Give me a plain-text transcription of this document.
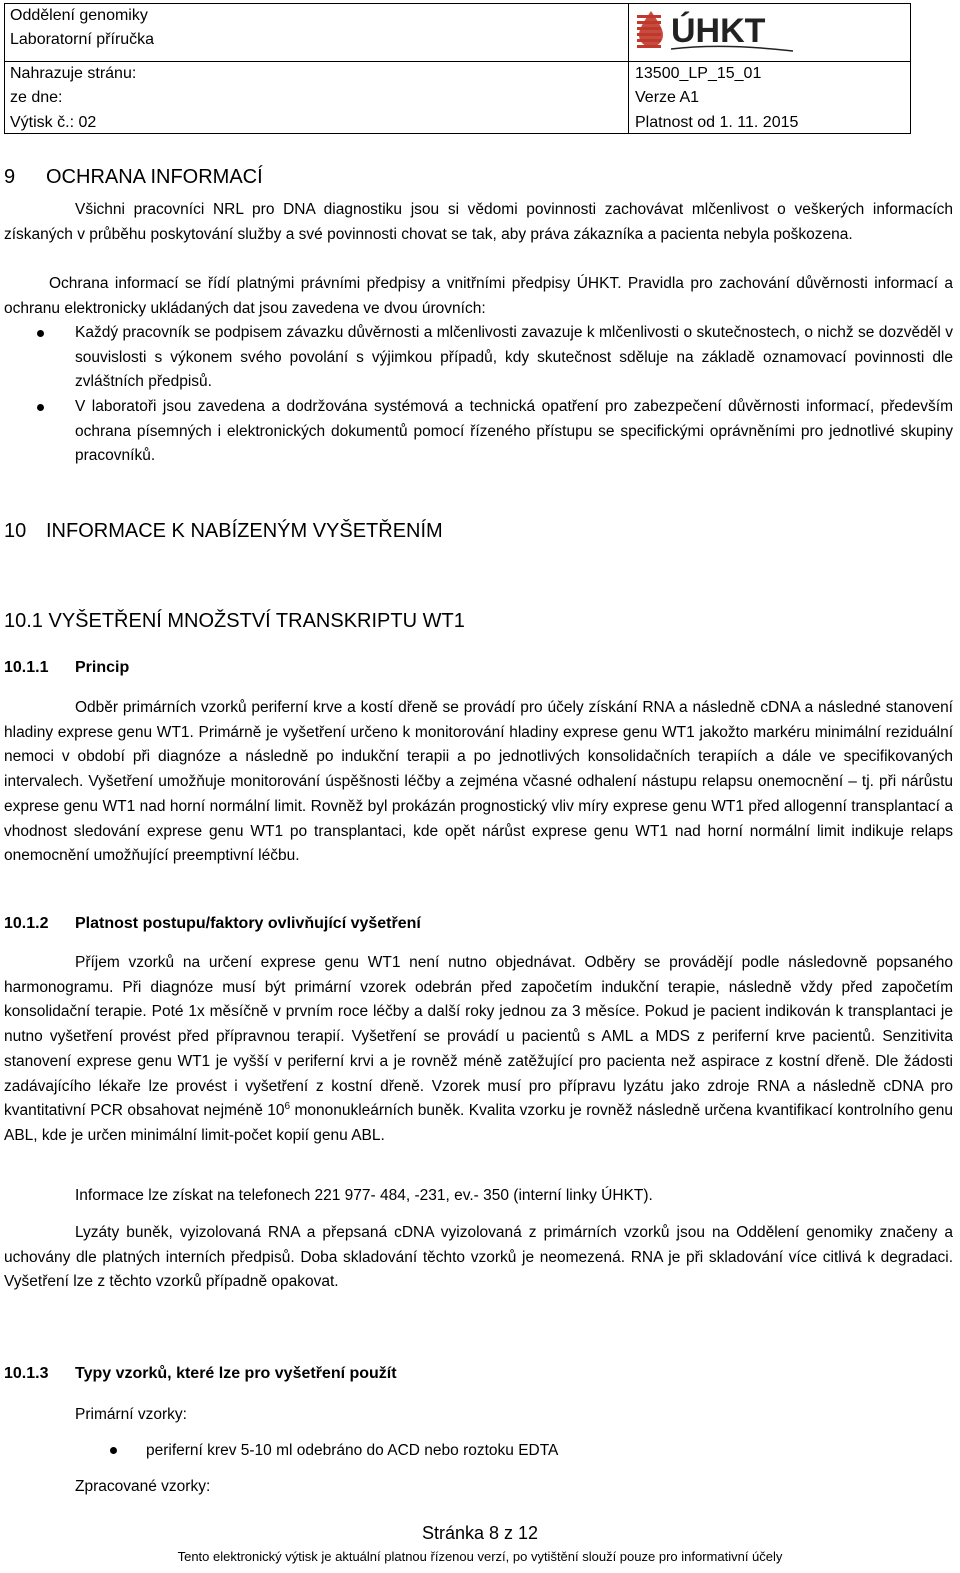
Oddělení genomiky
Laboratorní příručka
Nahrazuje stránu:
ze dne:
Výtisk č.: 02
13500_LP_15_01
Verze A1
Platnost od 1. 11. 2015
ÚHKT
9 OCHRANA INFORMACÍ

Všichni pracovníci NRL pro DNA diagnostiku jsou si vědomi povinnosti zachovávat mlčenlivost o veškerých informacích získaných v průběhu poskytování služby a své povinnosti chovat se tak, aby práva zákazníka a pacienta nebyla poškozena.

Ochrana informací se řídí platnými právními předpisy a vnitřními předpisy ÚHKT. Pravidla pro zachování důvěrnosti informací a ochranu elektronicky ukládaných dat jsou zavedena ve dvou úrovních:

Každý pracovník se podpisem závazku důvěrnosti a mlčenlivosti zavazuje k mlčenlivosti o skutečnostech, o nichž se dozvěděl v souvislosti s výkonem svého povolání s výjimkou případů, kdy skutečnost sděluje na základě oznamovací povinnosti dle zvláštních předpisů.

V laboratoři jsou zavedena a dodržována systémová a technická opatření pro zabezpečení důvěrnosti informací, především ochrana písemných i elektronických dokumentů pomocí řízeného přístupu se specifickými oprávněními pro jednotlivé skupiny pracovníků.

10 INFORMACE K NABÍZENÝM VYŠETŘENÍM
10.1 VYŠETŘENÍ MNOŽSTVÍ TRANSKRIPTU WT1
10.1.1 Princip

Odběr primárních vzorků periferní krve a kostí dřeně se provádí pro účely získání RNA a následně cDNA a následné stanovení hladiny exprese genu WT1. Primárně je vyšetření určeno k monitorování hladiny exprese genu WT1 jakožto markéru minimální reziduální nemoci v období při diagnóze a následně po indukční terapii a po jednotlivých konsolidačních terapiích a dále ve specifikovaných intervalech. Vyšetření umožňuje monitorování úspěšnosti léčby a zejména včasné odhalení nástupu relapsu onemocnění – tj. při nárůstu exprese genu WT1 nad horní normální limit. Rovněž byl prokázán prognostický vliv míry exprese genu WT1 před allogenní transplantací a vhodnost sledování exprese genu WT1 po transplantaci, kde opět nárůst exprese genu WT1 nad horní normální limit indikuje relaps onemocnění umožňující preemptivní léčbu.

10.1.2 Platnost postupu/faktory ovlivňující vyšetření

Příjem vzorků na určení exprese genu WT1 není nutno objednávat. Odběry se provádějí podle následovně popsaného harmonogramu. Při diagnóze musí být primární vzorek odebrán před započetím indukční terapie, následně vždy před započetím konsolidační terapie. Poté 1x měsíčně v prvním roce léčby a další roky jednou za 3 měsíce. Pokud je pacient indikován k transplantaci je nutno vyšetření provést před přípravnou terapií. Vyšetření se provádí u pacientů s AML a MDS z periferní krve pacientů. Senzitivita stanovení exprese genu WT1 je vyšší v periferní krvi a je rovněž méně zatěžující pro pacienta než aspirace z kostní dřeně. Dle žádosti zadávajícího lékaře lze provést i vyšetření z kostní dřeně. Vzorek musí pro přípravu lyzátu jako zdroje RNA a následně cDNA pro kvantitativní PCR obsahovat nejméně $10^6$ mononukleárních buněk. Kvalita vzorku je rovněž následně určena kvantifikací kontrolního genu ABL, kde je určen minimální limit-počet kopií genu ABL.

Informace lze získat na telefonech 221 977- 484, -231, ev.- 350 (interní linky ÚHKT).

Lyzáty buněk, vyizolovaná RNA a přepsaná cDNA vyizolovaná z primárních vzorků jsou na Oddělení genomiky značeny a uchovány dle platných interních předpisů. Doba skladování těchto vzorků je neomezená. RNA je při skladování více citlivá k degradaci. Vyšetření lze z těchto vzorků případně opakovat.

10.1.3 Typy vzorků, které lze pro vyšetření použít
Primární vzorky:
periferní krev 5-10 ml odebráno do ACD nebo roztoku EDTA
Zpracované vzorky:
Stránka 8 z 12
Tento elektronický výtisk je aktuální platnou řízenou verzí, po vytištění slouží pouze pro informativní účely
